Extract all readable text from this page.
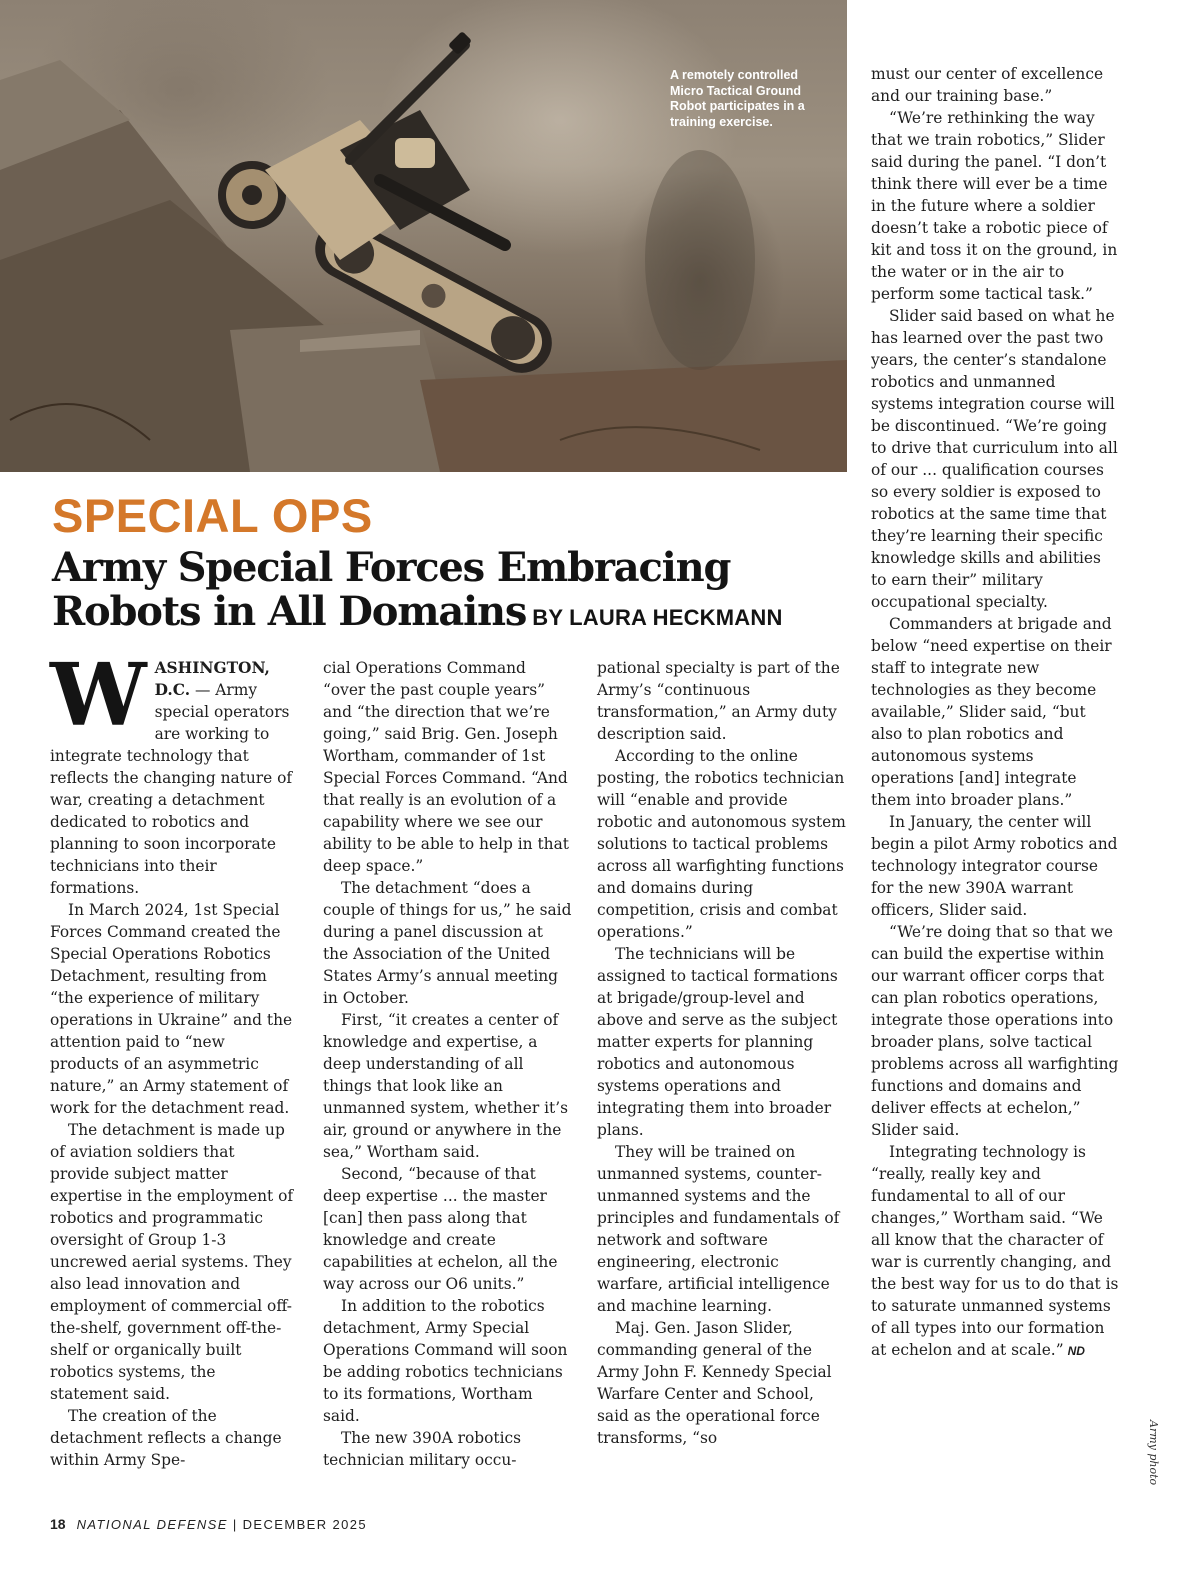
A remotely controlled Micro Tactical Ground Robot participates in a training exercise.
SPECIAL OPS
Army Special Forces Embracing
Robots in All Domains BY LAURA HECKMANN

WASHINGTON, D.C. — Army special operators are working to integrate technology that reflects the changing nature of war, creating a detachment dedicated to robotics and planning to soon incorporate technicians into their formations.

In March 2024, 1st Special Forces Command created the Special Operations Robotics Detachment, resulting from “the experience of military operations in Ukraine” and the attention paid to “new products of an asymmetric nature,” an Army statement of work for the detachment read.

The detachment is made up of aviation soldiers that provide subject matter expertise in the employment of robotics and programmatic oversight of Group 1-3 uncrewed aerial systems. They also lead innovation and employment of commercial off-the-shelf, government off-the-shelf or organically built robotics systems, the statement said.

The creation of the detachment reflects a change within Army Spe-

cial Operations Command “over the past couple years” and “the direction that we’re going,” said Brig. Gen. Joseph Wortham, commander of 1st Special Forces Command. “And that really is an evolution of a capability where we see our ability to be able to help in that deep space.”

The detachment “does a couple of things for us,” he said during a panel discussion at the Association of the United States Army’s annual meeting in October.

First, “it creates a center of knowledge and expertise, a deep understanding of all things that look like an unmanned system, whether it’s air, ground or anywhere in the sea,” Wortham said.

Second, “because of that deep expertise ... the master [can] then pass along that knowledge and create capabilities at echelon, all the way across our O6 units.”

In addition to the robotics detachment, Army Special Operations Command will soon be adding robotics technicians to its formations, Wortham said.

The new 390A robotics technician military occu-

pational specialty is part of the Army’s “continuous transformation,” an Army duty description said.

According to the online posting, the robotics technician will “enable and provide robotic and autonomous system solutions to tactical problems across all warfighting functions and domains during competition, crisis and combat operations.”

The technicians will be assigned to tactical formations at brigade/group-level and above and serve as the subject matter experts for planning robotics and autonomous systems operations and integrating them into broader plans.

They will be trained on unmanned systems, counter-unmanned systems and the principles and fundamentals of network and software engineering, electronic warfare, artificial intelligence and machine learning.

Maj. Gen. Jason Slider, commanding general of the Army John F. Kennedy Special Warfare Center and School, said as the operational force transforms, “so

must our center of excellence and our training base.”

“We’re rethinking the way that we train robotics,” Slider said during the panel. “I don’t think there will ever be a time in the future where a soldier doesn’t take a robotic piece of kit and toss it on the ground, in the water or in the air to perform some tactical task.”

Slider said based on what he has learned over the past two years, the center’s standalone robotics and unmanned systems integration course will be discontinued. “We’re going to drive that curriculum into all of our ... qualification courses so every soldier is exposed to robotics at the same time that they’re learning their specific knowledge skills and abilities to earn their” military occupational specialty.

Commanders at brigade and below “need expertise on their staff to integrate new technologies as they become available,” Slider said, “but also to plan robotics and autonomous systems operations [and] integrate them into broader plans.”

In January, the center will begin a pilot Army robotics and technology integrator course for the new 390A warrant officers, Slider said.

“We’re doing that so that we can build the expertise within our warrant officer corps that can plan robotics operations, integrate those operations into broader plans, solve tactical problems across all warfighting functions and domains and deliver effects at echelon,” Slider said.

Integrating technology is “really, really key and fundamental to all of our changes,” Wortham said. “We all know that the character of war is currently changing, and the best way for us to do that is to saturate unmanned systems of all types into our formation at echelon and at scale.” ND

Army photo
18 NATIONAL DEFENSE | DECEMBER 2025
